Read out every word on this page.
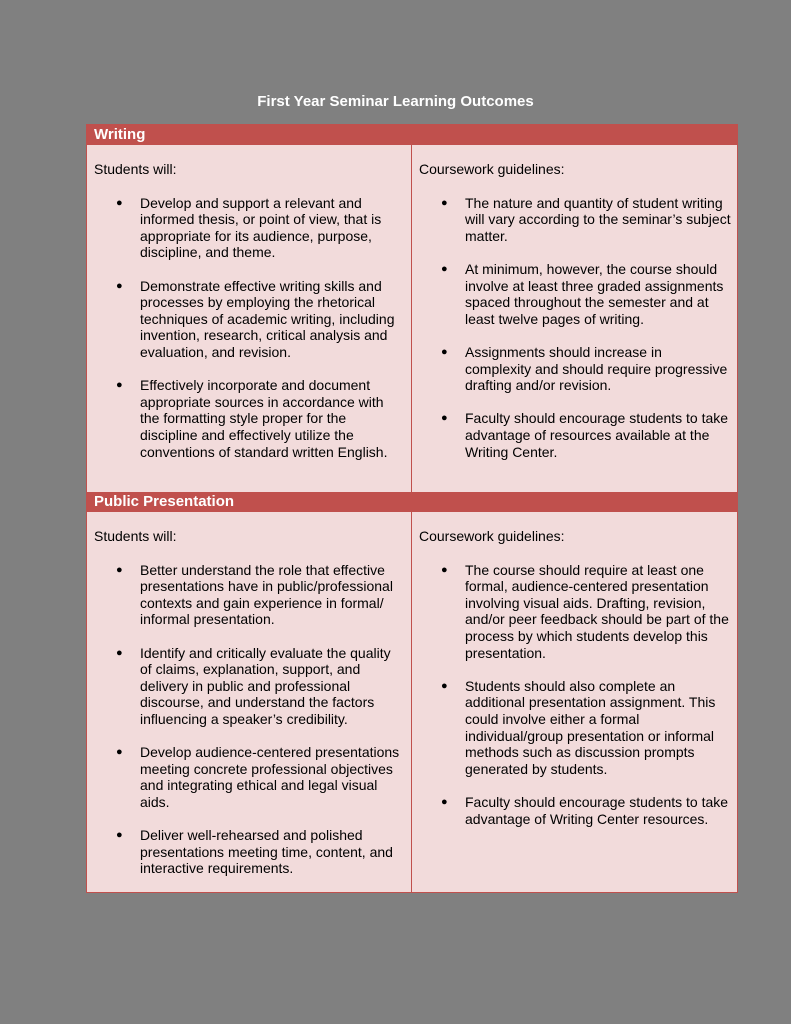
First Year Seminar Learning Outcomes
Writing

Students will:

● Develop and support a relevant and informed thesis, or point of view, that is appropriate for its audience, purpose, discipline, and theme.
● Demonstrate effective writing skills and processes by employing the rhetorical techniques of academic writing, including invention, research, critical analysis and evaluation, and revision.
● Effectively incorporate and document appropriate sources in accordance with the formatting style proper for the discipline and effectively utilize the conventions of standard written English.

Coursework guidelines:

● The nature and quantity of student writing will vary according to the seminar’s subject matter.
● At minimum, however, the course should involve at least three graded assignments spaced throughout the semester and at least twelve pages of writing.
● Assignments should increase in complexity and should require progressive drafting and/or revision.
● Faculty should encourage students to take advantage of resources available at the Writing Center.
Public Presentation

Students will:

● Better understand the role that effective presentations have in public/professional contexts and gain experience in formal/ informal presentation.
● Identify and critically evaluate the quality of claims, explanation, support, and delivery in public and professional discourse, and understand the factors influencing a speaker’s credibility.
● Develop audience-centered presentations meeting concrete professional objectives and integrating ethical and legal visual aids.
● Deliver well-rehearsed and polished presentations meeting time, content, and interactive requirements.

Coursework guidelines:

● The course should require at least one formal, audience-centered presentation involving visual aids. Drafting, revision, and/or peer feedback should be part of the process by which students develop this presentation.
● Students should also complete an additional presentation assignment. This could involve either a formal individual/group presentation or informal methods such as discussion prompts generated by students.
● Faculty should encourage students to take advantage of Writing Center resources.
